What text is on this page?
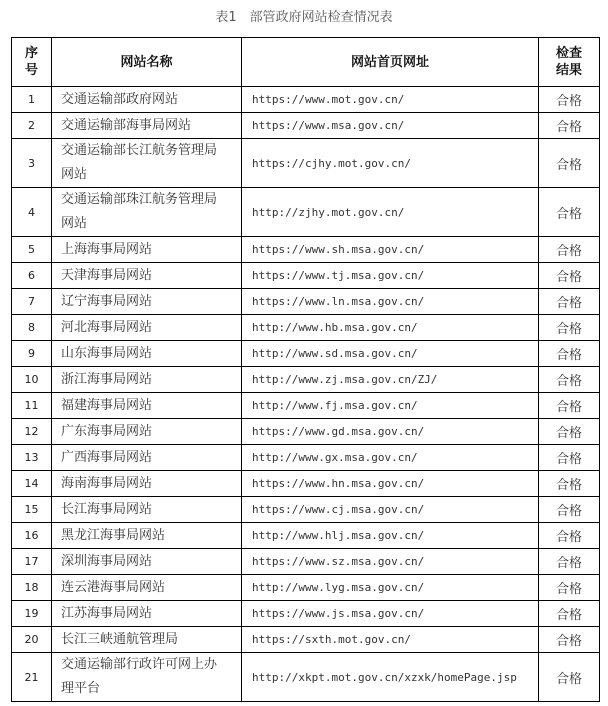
表1　部管政府网站检查情况表
序号	网站名称	网站首页网址	检查结果

1	交通运输部政府网站	https://www.mot.gov.cn/	合格
2	交通运输部海事局网站	https://www.msa.gov.cn/	合格
3	交通运输部长江航务管理局网站	https://cjhy.mot.gov.cn/	合格
4	交通运输部珠江航务管理局网站	http://zjhy.mot.gov.cn/	合格
5	上海海事局网站	https://www.sh.msa.gov.cn/	合格
6	天津海事局网站	https://www.tj.msa.gov.cn/	合格
7	辽宁海事局网站	https://www.ln.msa.gov.cn/	合格
8	河北海事局网站	http://www.hb.msa.gov.cn/	合格
9	山东海事局网站	http://www.sd.msa.gov.cn/	合格
10	浙江海事局网站	http://www.zj.msa.gov.cn/ZJ/	合格
11	福建海事局网站	http://www.fj.msa.gov.cn/	合格
12	广东海事局网站	https://www.gd.msa.gov.cn/	合格
13	广西海事局网站	http://www.gx.msa.gov.cn/	合格
14	海南海事局网站	https://www.hn.msa.gov.cn/	合格
15	长江海事局网站	https://www.cj.msa.gov.cn/	合格
16	黑龙江海事局网站	http://www.hlj.msa.gov.cn/	合格
17	深圳海事局网站	https://www.sz.msa.gov.cn/	合格
18	连云港海事局网站	http://www.lyg.msa.gov.cn/	合格
19	江苏海事局网站	https://www.js.msa.gov.cn/	合格
20	长江三峡通航管理局	https://sxth.mot.gov.cn/	合格
21	交通运输部行政许可网上办理平台	http://xkpt.mot.gov.cn/xzxk/homePage.jsp	合格
